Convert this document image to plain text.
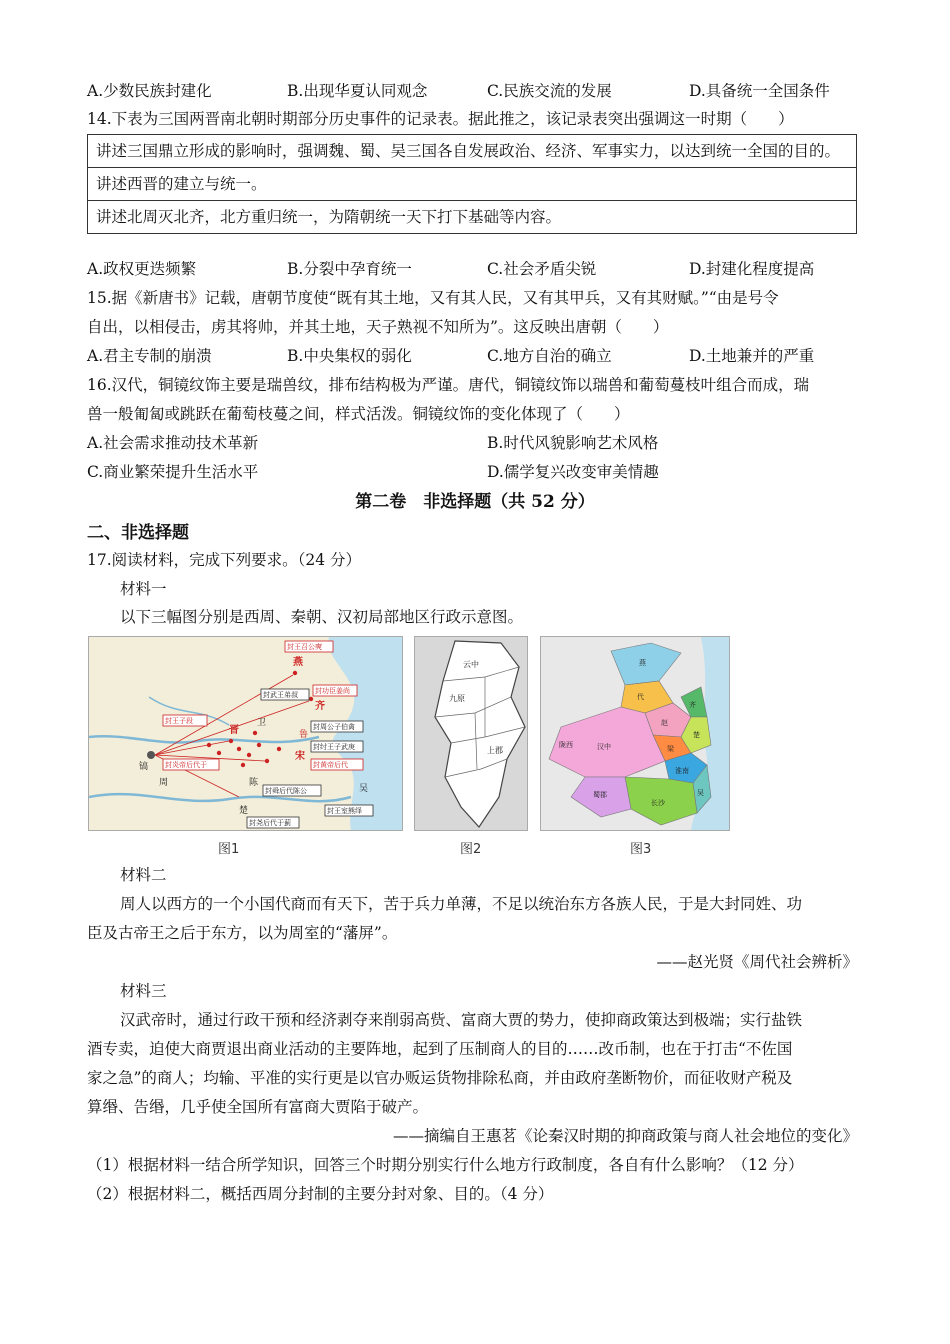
A.少数民族封建化	B.出现华夏认同观念	C.民族交流的发展	D.具备统一全国条件
14.下表为三国两晋南北朝时期部分历史事件的记录表。据此推之，该记录表突出强调这一时期（　　）
讲述三国鼎立形成的影响时，强调魏、蜀、吴三国各自发展政治、经济、军事实力，以达到统一全国的目的。
讲述西晋的建立与统一。
讲述北周灭北齐，北方重归统一，为隋朝统一天下打下基础等内容。
A.政权更迭频繁	B.分裂中孕育统一	C.社会矛盾尖锐	D.封建化程度提高
15.据《新唐书》记载，唐朝节度使“既有其土地，又有其人民，又有其甲兵，又有其财赋。”“由是号令
自出，以相侵击，虏其将帅，并其土地，天子熟视不知所为”。这反映出唐朝（　　）
A.君主专制的崩溃	B.中央集权的弱化	C.地方自治的确立	D.土地兼并的严重
16.汉代，铜镜纹饰主要是瑞兽纹，排布结构极为严谨。唐代，铜镜纹饰以瑞兽和葡萄蔓枝叶组合而成，瑞
兽一般匍匐或跳跃在葡萄枝蔓之间，样式活泼。铜镜纹饰的变化体现了（　　）
A.社会需求推动技术革新	B.时代风貌影响艺术风格
C.商业繁荣提升生活水平	D.儒学复兴改变审美情趣
第二卷　非选择题（共 52 分）
二、非选择题
17.阅读材料，完成下列要求。（24 分）
材料一
以下三幅图分别是西周、秦朝、汉初局部地区行政示意图。
封王召公奭
燕
封功臣姜尚
齐
封武王弟叔
封王子段
晋
卫	封周公子伯禽
鲁
封纣王子武庚
宋
封炎帝后代于	封黄帝后代
封舜后代陈公
陈
封王室熊绎
楚
吴
封尧后代于蓟
镐
周
云中
九原
上郡
燕
代
赵
齐
梁
淮南
楚
吴
长沙
汉中
蜀郡
陇西
图1	图2	图3
材料二
周人以西方的一个小国代商而有天下，苦于兵力单薄，不足以统治东方各族人民，于是大封同姓、功
臣及古帝王之后于东方，以为周室的“藩屏”。
——赵光贤《周代社会辨析》
材料三
汉武帝时，通过行政干预和经济剥夺来削弱高赀、富商大贾的势力，使抑商政策达到极端；实行盐铁
酒专卖，迫使大商贾退出商业活动的主要阵地，起到了压制商人的目的……改币制，也在于打击“不佐国
家之急”的商人；均输、平准的实行更是以官办贩运货物排除私商，并由政府垄断物价，而征收财产税及
算缗、告缗，几乎使全国所有富商大贾陷于破产。
——摘编自王惠茗《论秦汉时期的抑商政策与商人社会地位的变化》
（1）根据材料一结合所学知识，回答三个时期分别实行什么地方行政制度，各自有什么影响？（12 分）
（2）根据材料二，概括西周分封制的主要分封对象、目的。（4 分）
